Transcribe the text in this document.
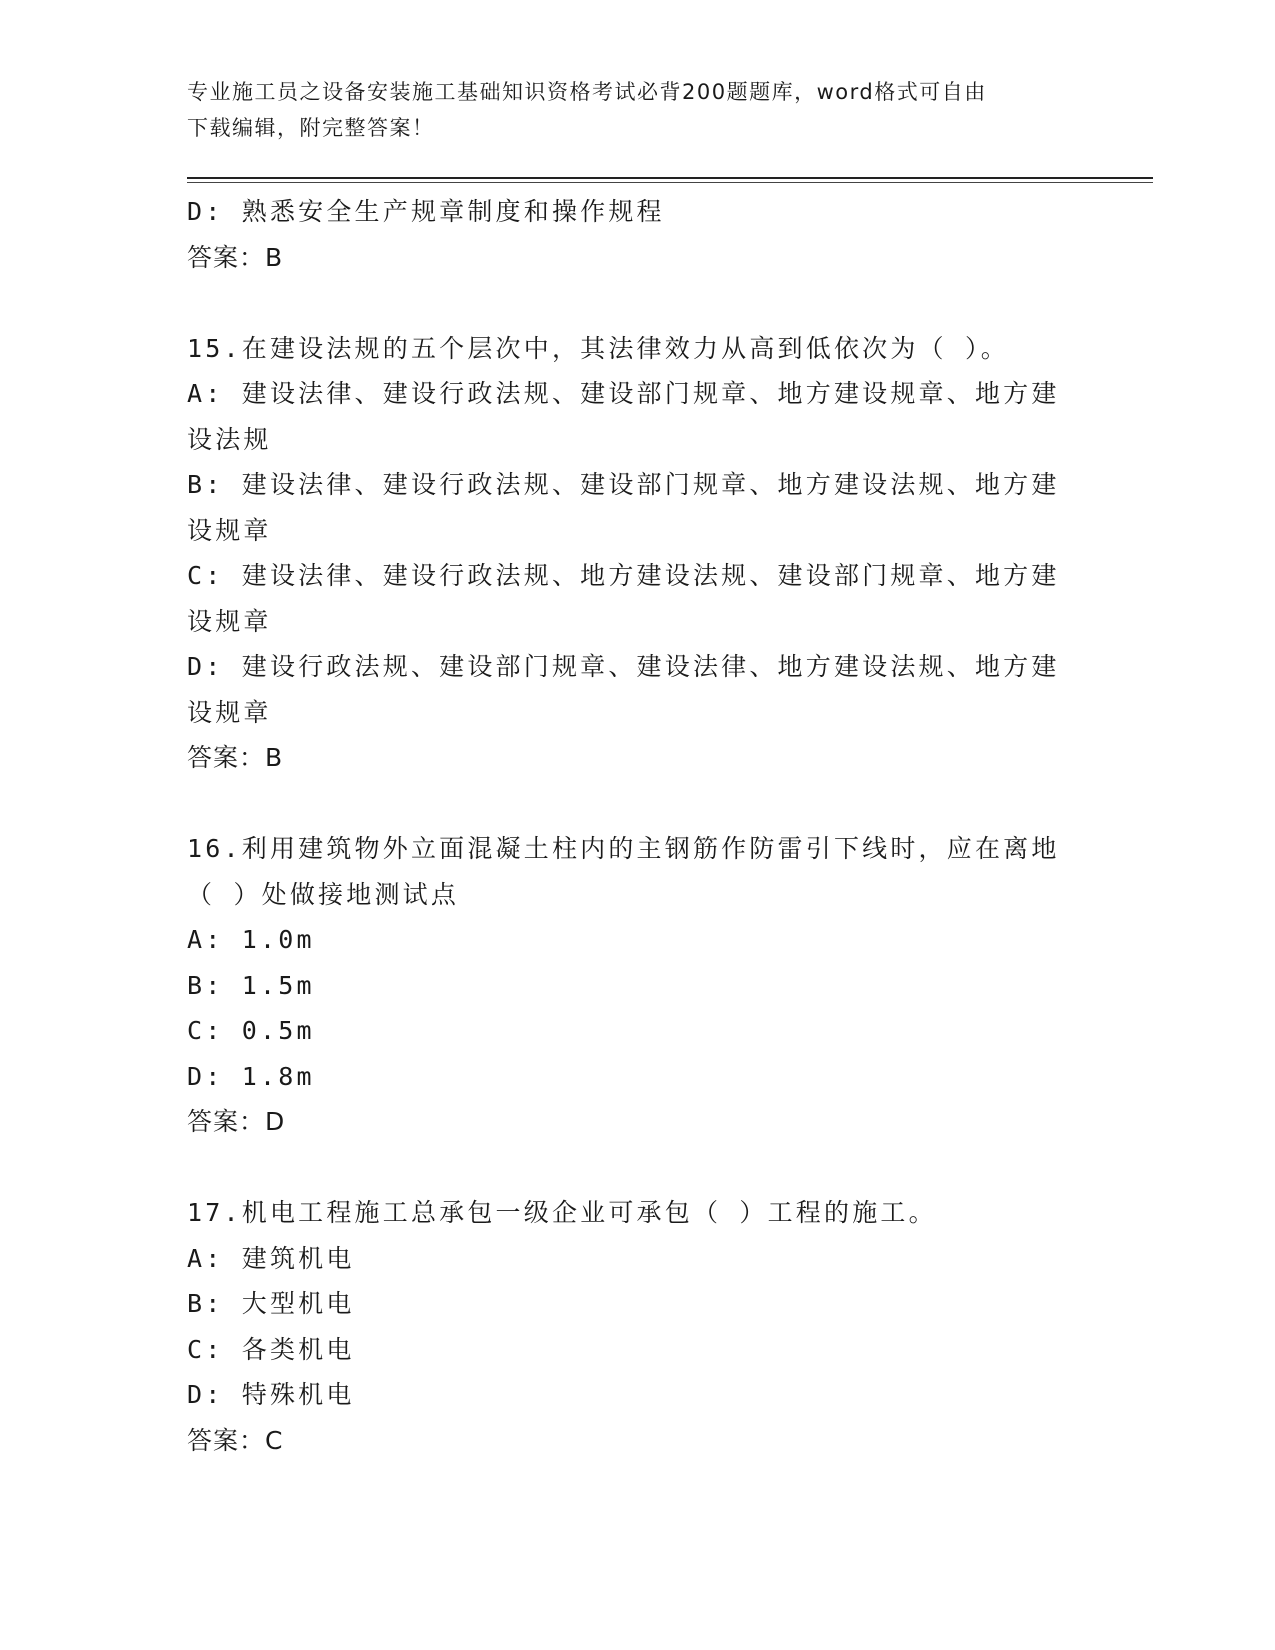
专业施工员之设备安装施工基础知识资格考试必背200题题库，word格式可自由
下载编辑，附完整答案！
D: 熟悉安全生产规章制度和操作规程
答案：B
15.在建设法规的五个层次中，其法律效力从高到低依次为（ ）。
A: 建设法律、建设行政法规、建设部门规章、地方建设规章、地方建
设法规
B: 建设法律、建设行政法规、建设部门规章、地方建设法规、地方建
设规章
C: 建设法律、建设行政法规、地方建设法规、建设部门规章、地方建
设规章
D: 建设行政法规、建设部门规章、建设法律、地方建设法规、地方建
设规章
答案：B
16.利用建筑物外立面混凝土柱内的主钢筋作防雷引下线时，应在离地
（ ）处做接地测试点
A: 1.0m
B: 1.5m
C: 0.5m
D: 1.8m
答案：D
17.机电工程施工总承包一级企业可承包（ ）工程的施工。
A: 建筑机电
B: 大型机电
C: 各类机电
D: 特殊机电
答案：C
